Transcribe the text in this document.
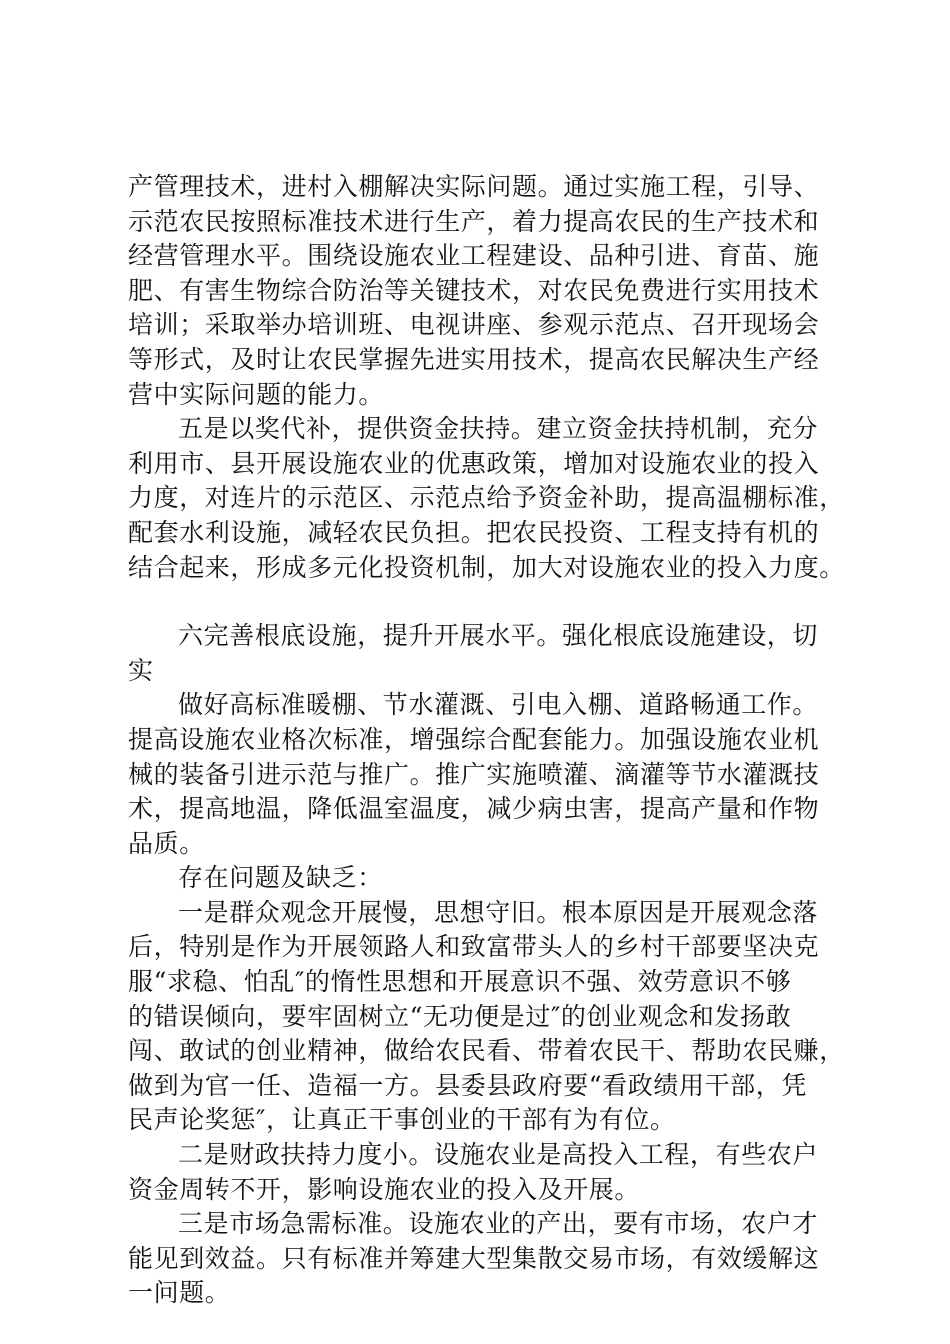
产管理技术，进村入棚解决实际问题。通过实施工程，引导、
示范农民按照标准技术进行生产，着力提高农民的生产技术和
经营管理水平。围绕设施农业工程建设、品种引进、育苗、施
肥、有害生物综合防治等关键技术，对农民免费进行实用技术
培训；采取举办培训班、电视讲座、参观示范点、召开现场会
等形式，及时让农民掌握先进实用技术，提高农民解决生产经
营中实际问题的能力。
五是以奖代补，提供资金扶持。建立资金扶持机制，充分
利用市、县开展设施农业的优惠政策，增加对设施农业的投入
力度，对连片的示范区、示范点给予资金补助，提高温棚标准，
配套水利设施，减轻农民负担。把农民投资、工程支持有机的
结合起来，形成多元化投资机制，加大对设施农业的投入力度。
六完善根底设施，提升开展水平。强化根底设施建设，切
实
做好高标准暖棚、节水灌溉、引电入棚、道路畅通工作。
提高设施农业格次标准，增强综合配套能力。加强设施农业机
械的装备引进示范与推广。推广实施喷灌、滴灌等节水灌溉技
术，提高地温，降低温室温度，减少病虫害，提高产量和作物
品质。
存在问题及缺乏：
一是群众观念开展慢，思想守旧。根本原因是开展观念落
后，特别是作为开展领路人和致富带头人的乡村干部要坚决克
服“求稳、怕乱″的惰性思想和开展意识不强、效劳意识不够
的错误倾向，要牢固树立“无功便是过″的创业观念和发扬敢
闯、敢试的创业精神，做给农民看、带着农民干、帮助农民赚，
做到为官一任、造福一方。县委县政府要“看政绩用干部，凭
民声论奖惩″，让真正干事创业的干部有为有位。
二是财政扶持力度小。设施农业是高投入工程，有些农户
资金周转不开，影响设施农业的投入及开展。
三是市场急需标准。设施农业的产出，要有市场，农户才
能见到效益。只有标准并筹建大型集散交易市场，有效缓解这
一问题。
